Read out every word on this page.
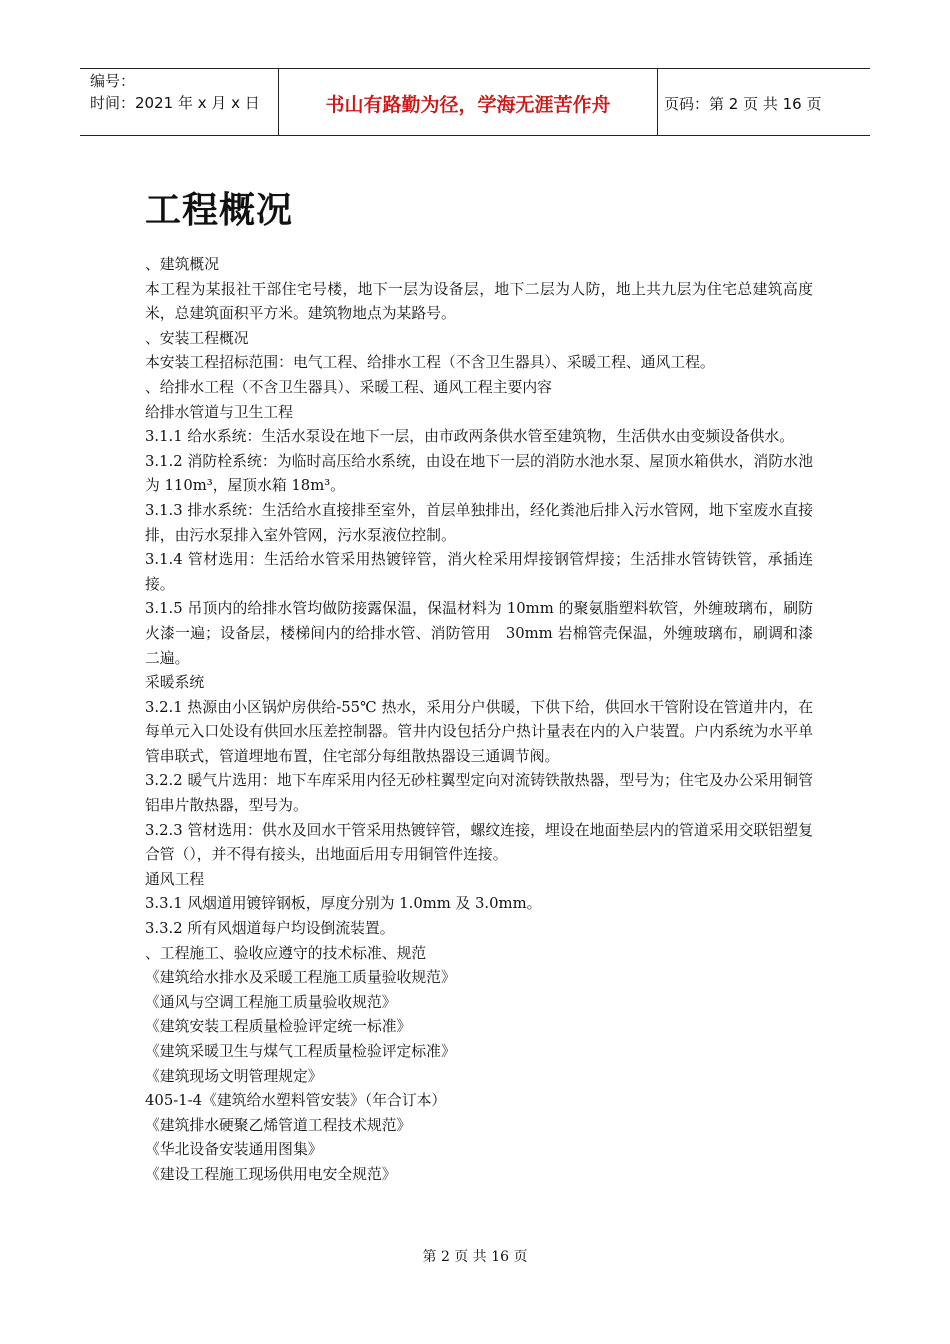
编号：
时间：2021 年 x 月 x 日	书山有路勤为径，学海无涯苦作舟	页码：第 2 页 共 16 页
工程概况

、建筑概况

本工程为某报社干部住宅号楼，地下一层为设备层，地下二层为人防，地上共九层为住宅总建筑高度米，总建筑面积平方米。建筑物地点为某路号。

、安装工程概况

本安装工程招标范围：电气工程、给排水工程（不含卫生器具）、采暖工程、通风工程。

、给排水工程（不含卫生器具）、采暖工程、通风工程主要内容

给排水管道与卫生工程

3.1.1 给水系统：生活水泵设在地下一层，由市政两条供水管至建筑物，生活供水由变频设备供水。

3.1.2 消防栓系统：为临时高压给水系统，由设在地下一层的消防水池水泵、屋顶水箱供水，消防水池为 110m³，屋顶水箱 18m³。

3.1.3 排水系统：生活给水直接排至室外，首层单独排出，经化粪池后排入污水管网，地下室废水直接排，由污水泵排入室外管网，污水泵液位控制。

3.1.4 管材选用：生活给水管采用热镀锌管，消火栓采用焊接钢管焊接；生活排水管铸铁管，承插连接。

3.1.5 吊顶内的给排水管均做防接露保温，保温材料为 10mm 的聚氨脂塑料软管，外缠玻璃布，刷防火漆一遍；设备层，楼梯间内的给排水管、消防管用　30mm 岩棉管壳保温，外缠玻璃布，刷调和漆二遍。

采暖系统

3.2.1 热源由小区锅炉房供给-55℃ 热水，采用分户供暖，下供下给，供回水干管附设在管道井内，在每单元入口处设有供回水压差控制器。管井内设包括分户热计量表在内的入户装置。户内系统为水平单管串联式，管道埋地布置，住宅部分每组散热器设三通调节阀。

3.2.2 暖气片选用：地下车库采用内径无砂柱翼型定向对流铸铁散热器，型号为；住宅及办公采用铜管铝串片散热器，型号为。

3.2.3 管材选用：供水及回水干管采用热镀锌管，螺纹连接，埋设在地面垫层内的管道采用交联铝塑复合管（），并不得有接头，出地面后用专用铜管件连接。

通风工程

3.3.1 风烟道用镀锌钢板，厚度分别为 1.0mm 及 3.0mm。

3.3.2 所有风烟道每户均设倒流装置。

、工程施工、验收应遵守的技术标准、规范

《建筑给水排水及采暖工程施工质量验收规范》

《通风与空调工程施工质量验收规范》

《建筑安装工程质量检验评定统一标准》

《建筑采暖卫生与煤气工程质量检验评定标准》

《建筑现场文明管理规定》

405-1-4《建筑给水塑料管安装》（年合订本）

《建筑排水硬聚乙烯管道工程技术规范》

《华北设备安装通用图集》

《建设工程施工现场供用电安全规范》

第 2 页 共 16 页
